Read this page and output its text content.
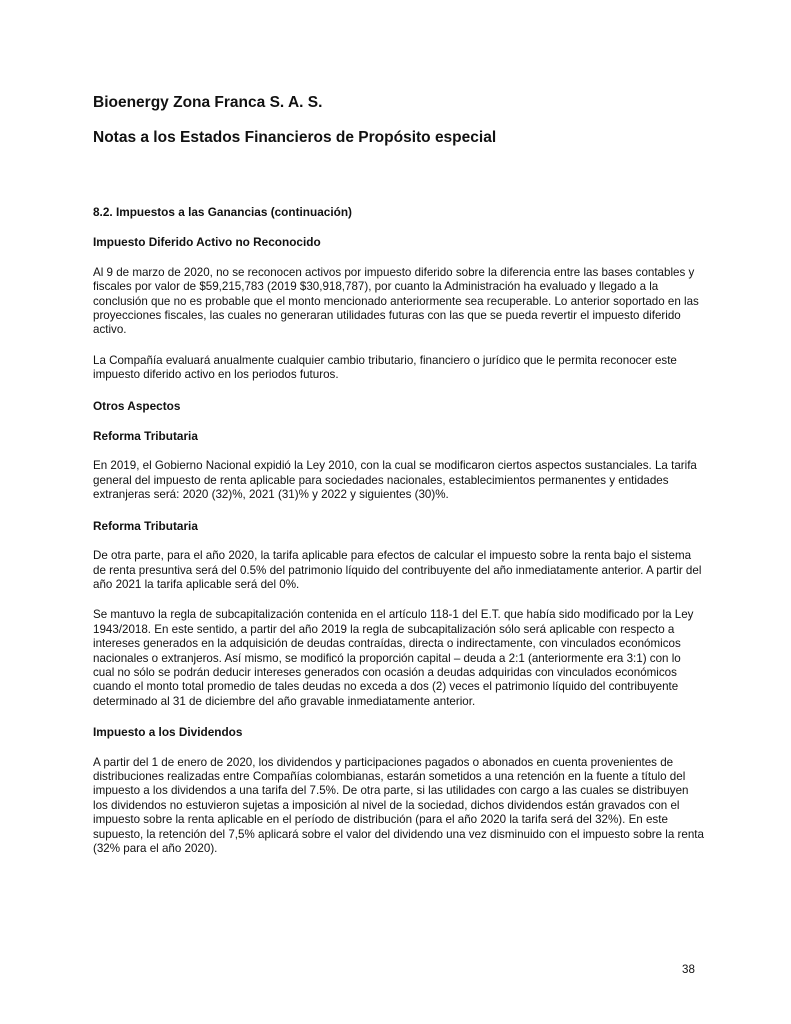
Bioenergy Zona Franca S. A. S.
Notas a los Estados Financieros de Propósito especial
8.2. Impuestos a las Ganancias (continuación)
Impuesto Diferido Activo no Reconocido

Al 9 de marzo de 2020, no se reconocen activos por impuesto diferido sobre la diferencia entre las bases contables y fiscales por valor de $59,215,783 (2019 $30,918,787), por cuanto la Administración ha evaluado y llegado a la conclusión que no es probable que el monto mencionado anteriormente sea recuperable. Lo anterior soportado en las proyecciones fiscales, las cuales no generaran utilidades futuras con las que se pueda revertir el impuesto diferido activo.

La Compañía evaluará anualmente cualquier cambio tributario, financiero o jurídico que le permita reconocer este impuesto diferido activo en los periodos futuros.

Otros Aspectos
Reforma Tributaria

En 2019, el Gobierno Nacional expidió la Ley 2010, con la cual se modificaron ciertos aspectos sustanciales. La tarifa general del impuesto de renta aplicable para sociedades nacionales, establecimientos permanentes y entidades extranjeras será: 2020 (32)%, 2021 (31)% y 2022 y siguientes (30)%.

Reforma Tributaria

De otra parte, para el año 2020, la tarifa aplicable para efectos de calcular el impuesto sobre la renta bajo el sistema de renta presuntiva será del 0.5% del patrimonio líquido del contribuyente del año inmediatamente anterior. A partir del año 2021 la tarifa aplicable será del 0%.

Se mantuvo la regla de subcapitalización contenida en el artículo 118-1 del E.T. que había sido modificado por la Ley 1943/2018. En este sentido, a partir del año 2019 la regla de subcapitalización sólo será aplicable con respecto a intereses generados en la adquisición de deudas contraídas, directa o indirectamente, con vinculados económicos nacionales o extranjeros. Así mismo, se modificó la proporción capital – deuda a 2:1 (anteriormente era 3:1) con lo cual no sólo se podrán deducir intereses generados con ocasión a deudas adquiridas con vinculados económicos cuando el monto total promedio de tales deudas no exceda a dos (2) veces el patrimonio líquido del contribuyente determinado al 31 de diciembre del año gravable inmediatamente anterior.

Impuesto a los Dividendos

A partir del 1 de enero de 2020, los dividendos y participaciones pagados o abonados en cuenta provenientes de distribuciones realizadas entre Compañías colombianas, estarán sometidos a una retención en la fuente a título del impuesto a los dividendos a una tarifa del 7.5%. De otra parte, si las utilidades con cargo a las cuales se distribuyen los dividendos no estuvieron sujetas a imposición al nivel de la sociedad, dichos dividendos están gravados con el impuesto sobre la renta aplicable en el período de distribución (para el año 2020 la tarifa será del 32%). En este supuesto, la retención del 7,5% aplicará sobre el valor del dividendo una vez disminuido con el impuesto sobre la renta (32% para el año 2020).

38
